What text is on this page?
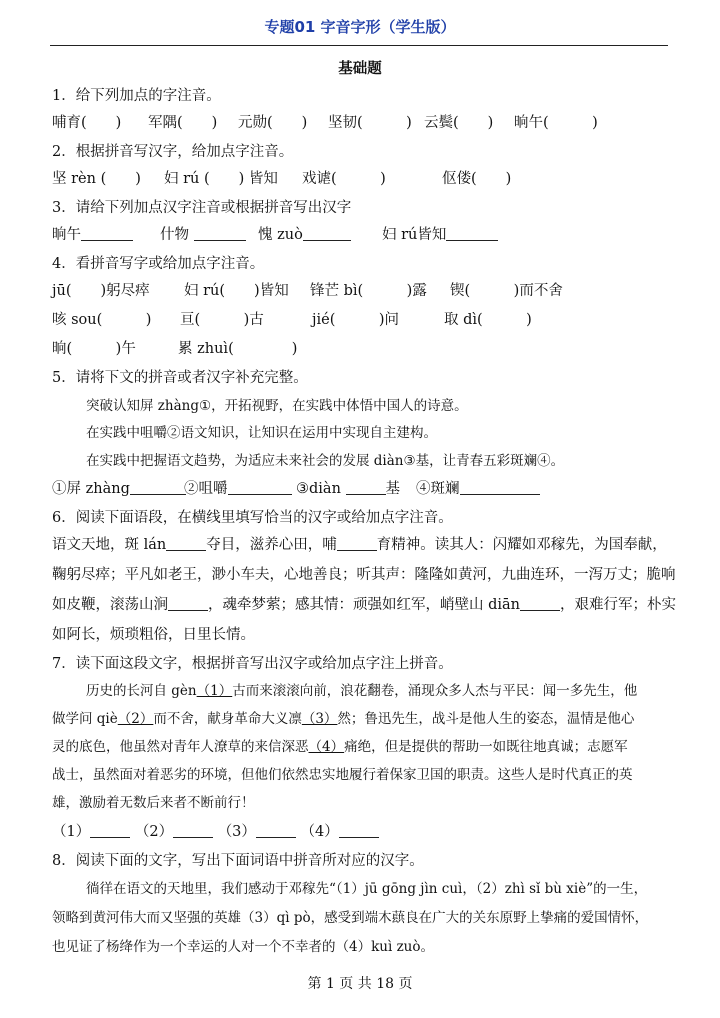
专题01 字音字形（学生版）
基础题
1．给下列加点的字注音。
哺育(　　) 军隅(　　) 元勋(　　) 坚韧(　　　) 云鬓(　　) 晌午(　　　)
2．根据拼音写汉字，给加点字注音。
坚 rèn (　　) 妇 rú (　　) 皆知 戏谑(　　　)	伛偻(　　)
3．请给下列加点汉字注音或根据拼音写出汉字
晌午	什物	愧 zuò	妇 rú皆知
4．看拼音写字或给加点字注音。
jū(　　)躬尽瘁 妇 rú(　　)皆知 锋芒 bì(　　　)露 锲(　　　)而不舍
咳 sou(　　　) 亘(　　　)古	jié(　　　)问	取 dì(　　　)
晌(　　　)午	累 zhuì(　　　　)
5．请将下文的拼音或者汉字补充完整。
突破认知屏 zhàng①，开拓视野，在实践中体悟中国人的诗意。
在实践中咀嚼②语文知识，让知识在运用中实现自主建构。
在实践中把握语文趋势，为适应未来社会的发展 diàn③基，让青春五彩斑斓④。
①屏 zhàng	②咀嚼	③diàn	基 ④斑斓
6．阅读下面语段，在横线里填写恰当的汉字或给加点字注音。
语文天地，斑 lán	夺目，滋养心田，哺	育精神。读其人：闪耀如邓稼先，为国奉献，
鞠躬尽瘁；平凡如老王，渺小车夫，心地善良；听其声：隆隆如黄河，九曲连环，一泻万丈；脆响
如皮鞭，滚荡山涧	，魂牵梦萦；感其情：顽强如红军，峭壁山 diān	，艰难行军；朴实
如阿长，烦琐粗俗，日里长情。
7．读下面这段文字，根据拼音写出汉字或给加点字注上拼音。
历史的长河自 gèn（1）古而来滚滚向前，浪花翻卷，涌现众多人杰与平民：闻一多先生，他
做学问 qiè（2）而不舍，献身革命大义凛（3）然；鲁迅先生，战斗是他人生的姿态，温情是他心
灵的底色，他虽然对青年人潦草的来信深恶（4）痛绝，但是提供的帮助一如既往地真诚；志愿军
战士，虽然面对着恶劣的环境，但他们依然忠实地履行着保家卫国的职责。这些人是时代真正的英
雄，激励着无数后来者不断前行！
（1）	（2）	（3）	（4）
8．阅读下面的文字，写出下面词语中拼音所对应的汉字。
徜徉在语文的天地里，我们感动于邓稼先“（1）jū gōng jìn cuì，（2）zhì sǐ bù xiè”的一生，
领略到黄河伟大而又坚强的英雄（3）qì pò，感受到端木蕻良在广大的关东原野上挚痛的爱国情怀，
也见证了杨绛作为一个幸运的人对一个不幸者的（4）kuì zuò。
第 1 页 共 18 页
